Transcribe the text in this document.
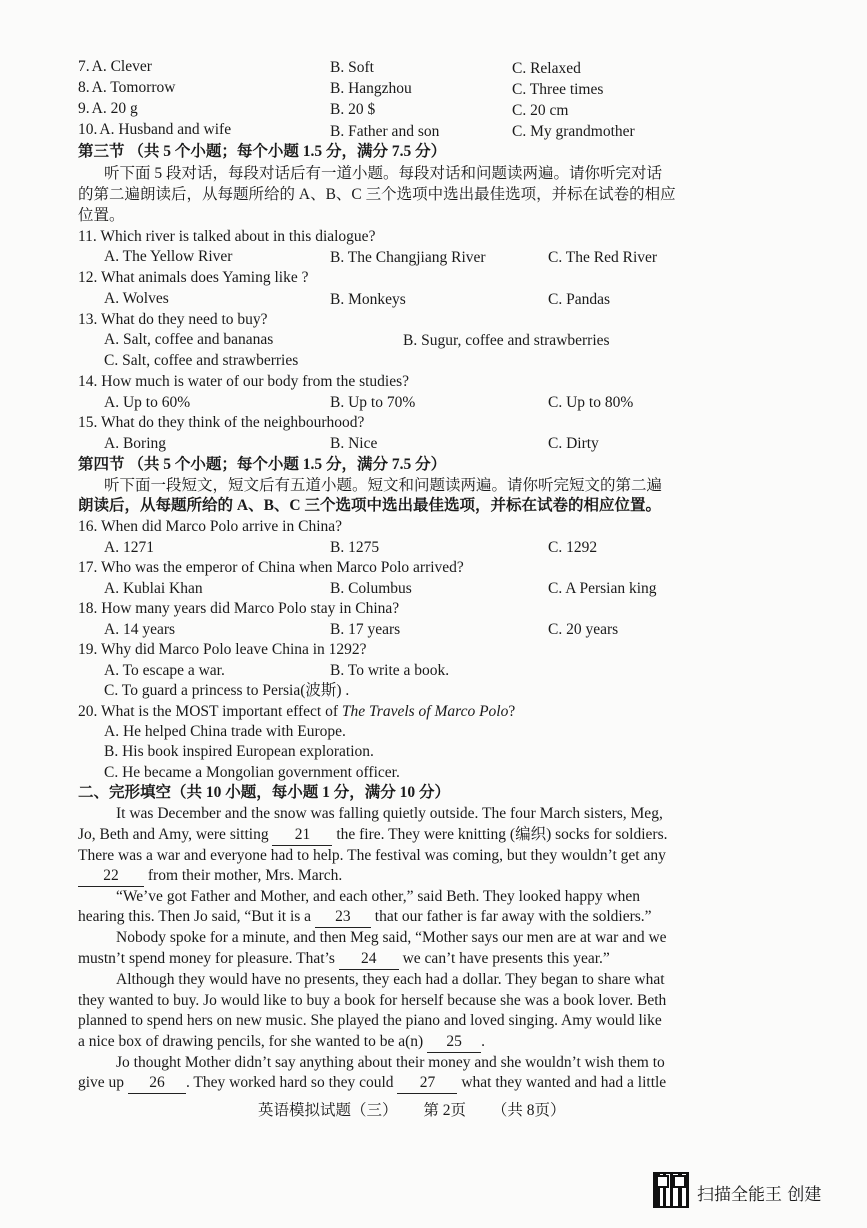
7. A. Clever	B. Soft	C. Relaxed
8. A. Tomorrow	B. Hangzhou	C. Three times
9. A. 20 g	B. 20 $	C. 20 cm
10. A. Husband and wife	B. Father and son	C. My grandmother
第三节 （共 5 个小题；每个小题 1.5 分，满分 7.5 分）
听下面 5 段对话，每段对话后有一道小题。每段对话和问题读两遍。请你听完对话
的第二遍朗读后，从每题所给的 A、B、C 三个选项中选出最佳选项，并标在试卷的相应
位置。
11. Which river is talked about in this dialogue?
A. The Yellow River	B. The Changjiang River	C. The Red River
12. What animals does Yaming like ?
A. Wolves	B. Monkeys	C. Pandas
13. What do they need to buy?
A. Salt, coffee and bananas	B. Sugur, coffee and strawberries
C. Salt, coffee and strawberries
14. How much is water of our body from the studies?
A. Up to 60%	B. Up to 70%	C. Up to 80%
15. What do they think of the neighbourhood?
A. Boring	B. Nice	C. Dirty
第四节 （共 5 个小题；每个小题 1.5 分，满分 7.5 分）
听下面一段短文，短文后有五道小题。短文和问题读两遍。请你听完短文的第二遍
朗读后，从每题所给的 A、B、C 三个选项中选出最佳选项，并标在试卷的相应位置。
16. When did Marco Polo arrive in China?
A. 1271	B. 1275	C. 1292
17. Who was the emperor of China when Marco Polo arrived?
A. Kublai Khan	B. Columbus	C. A Persian king
18. How many years did Marco Polo stay in China?
A. 14 years	B. 17 years	C. 20 years
19. Why did Marco Polo leave China in 1292?
A. To escape a war.	B. To write a book.
C. To guard a princess to Persia(波斯) .
20. What is the MOST important effect of The Travels of Marco Polo?
A. He helped China trade with Europe.
B. His book inspired European exploration.
C. He became a Mongolian government officer.
二、完形填空（共 10 小题，每小题 1 分，满分 10 分）
It was December and the snow was falling quietly outside. The four March sisters, Meg,
Jo, Beth and Amy, were sitting 21 the fire. They were knitting (编织) socks for soldiers.
There was a war and everyone had to help. The festival was coming, but they wouldn’t get any
22 from their mother, Mrs. March.
“We’ve got Father and Mother, and each other,” said Beth. They looked happy when
hearing this. Then Jo said, “But it is a 23 that our father is far away with the soldiers.”
Nobody spoke for a minute, and then Meg said, “Mother says our men are at war and we
mustn’t spend money for pleasure. That’s 24 we can’t have presents this year.”
Although they would have no presents, they each had a dollar. They began to share what
they wanted to buy. Jo would like to buy a book for herself because she was a book lover. Beth
planned to spend hers on new music. She played the piano and loved singing. Amy would like
a nice box of drawing pencils, for she wanted to be a(n) 25 .
Jo thought Mother didn’t say anything about their money and she wouldn’t wish them to
give up 26 . They worked hard so they could 27 what they wanted and had a little
英语模拟试题（三） 第 2页 （共 8页）
扫描全能王 创建
